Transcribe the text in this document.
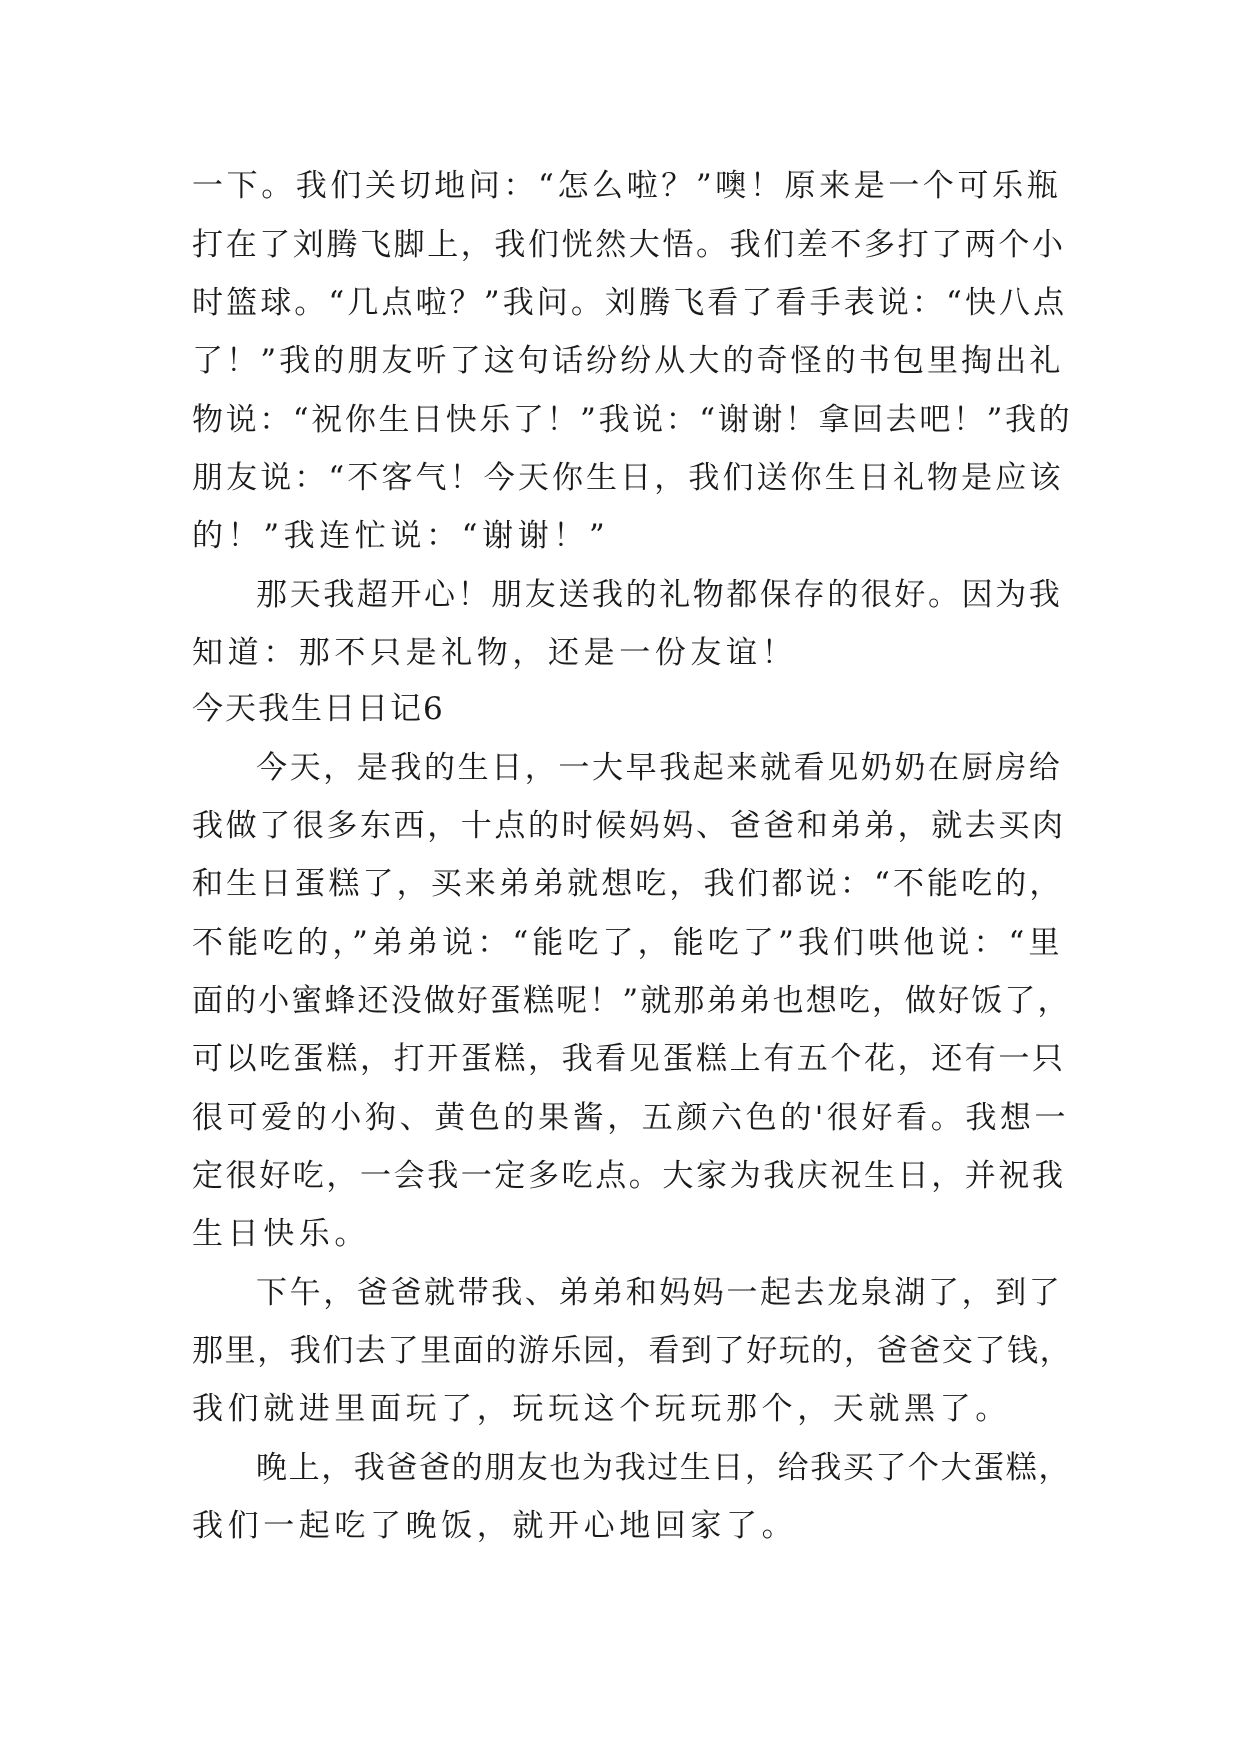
一下。我们关切地问：“怎么啦？”噢！原来是一个可乐瓶
打在了刘腾飞脚上，我们恍然大悟。我们差不多打了两个小
时篮球。“几点啦？”我问。刘腾飞看了看手表说：“快八点
了！”我的朋友听了这句话纷纷从大的奇怪的书包里掏出礼
物说：“祝你生日快乐了！”我说：“谢谢！拿回去吧！”我的
朋友说：“不客气！今天你生日，我们送你生日礼物是应该
的！”我连忙说：“谢谢！”
那天我超开心！朋友送我的礼物都保存的很好。因为我
知道：那不只是礼物，还是一份友谊！
今天我生日日记6
今天，是我的生日，一大早我起来就看见奶奶在厨房给
我做了很多东西，十点的时候妈妈、爸爸和弟弟，就去买肉
和生日蛋糕了，买来弟弟就想吃，我们都说：“不能吃的，
不能吃的，”弟弟说：“能吃了，能吃了”我们哄他说：“里
面的小蜜蜂还没做好蛋糕呢！”就那弟弟也想吃，做好饭了，
可以吃蛋糕，打开蛋糕，我看见蛋糕上有五个花，还有一只
很可爱的小狗、黄色的果酱，五颜六色的'很好看。我想一
定很好吃，一会我一定多吃点。大家为我庆祝生日，并祝我
生日快乐。
下午，爸爸就带我、弟弟和妈妈一起去龙泉湖了，到了
那里，我们去了里面的游乐园，看到了好玩的，爸爸交了钱，
我们就进里面玩了，玩玩这个玩玩那个，天就黑了。
晚上，我爸爸的朋友也为我过生日，给我买了个大蛋糕，
我们一起吃了晚饭，就开心地回家了。
